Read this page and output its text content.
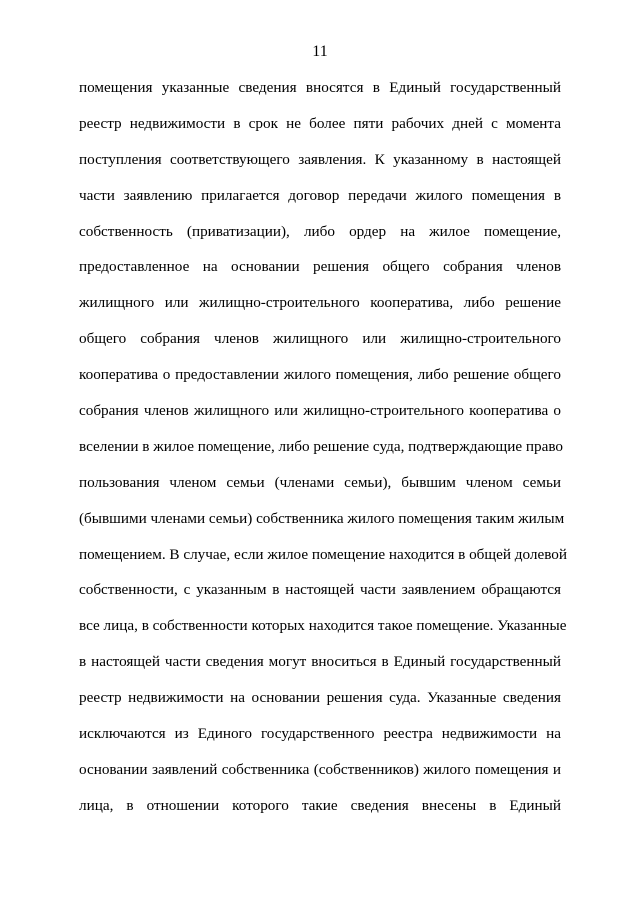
11
помещения указанные сведения вносятся в Единый государственный
реестр недвижимости в срок не более пяти рабочих дней с момента
поступления соответствующего заявления. К указанному в настоящей
части заявлению прилагается договор передачи жилого помещения в
собственность (приватизации), либо ордер на жилое помещение,
предоставленное на основании решения общего собрания членов
жилищного или жилищно-строительного кооператива, либо решение
общего собрания членов жилищного или жилищно-строительного
кооператива о предоставлении жилого помещения, либо решение общего
собрания членов жилищного или жилищно-строительного кооператива о
вселении в жилое помещение, либо решение суда, подтверждающие право
пользования членом семьи (членами семьи), бывшим членом семьи
(бывшими членами семьи) собственника жилого помещения таким жилым
помещением. В случае, если жилое помещение находится в общей долевой
собственности, с указанным в настоящей части заявлением обращаются
все лица, в собственности которых находится такое помещение. Указанные
в настоящей части сведения могут вноситься в Единый государственный
реестр недвижимости на основании решения суда. Указанные сведения
исключаются из Единого государственного реестра недвижимости на
основании заявлений собственника (собственников) жилого помещения и
лица, в отношении которого такие сведения внесены в Единый
